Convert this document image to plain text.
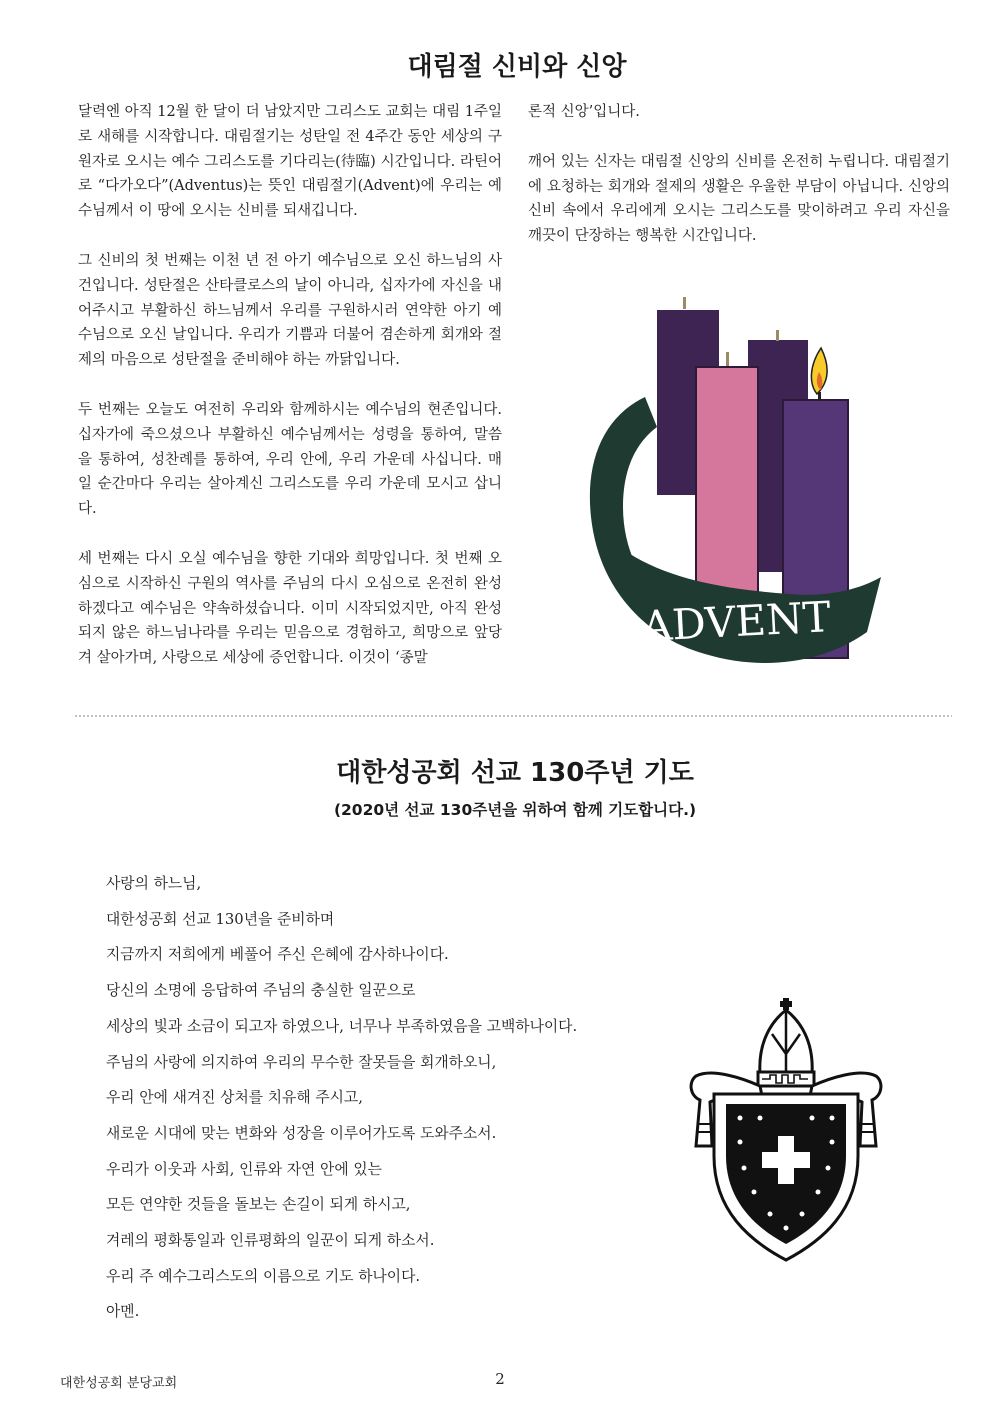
대림절 신비와 신앙

달력엔 아직 12월 한 달이 더 남았지만 그리스도 교회는 대림 1주일로 새해를 시작합니다. 대림절기는 성탄일 전 4주간 동안 세상의 구원자로 오시는 예수 그리스도를 기다리는(待臨) 시간입니다. 라틴어로 “다가오다”(Adventus)는 뜻인 대림절기(Advent)에 우리는 예수님께서 이 땅에 오시는 신비를 되새깁니다.

그 신비의 첫 번째는 이천 년 전 아기 예수님으로 오신 하느님의 사건입니다. 성탄절은 산타클로스의 날이 아니라, 십자가에 자신을 내어주시고 부활하신 하느님께서 우리를 구원하시러 연약한 아기 예수님으로 오신 날입니다. 우리가 기쁨과 더불어 겸손하게 회개와 절제의 마음으로 성탄절을 준비해야 하는 까닭입니다.

두 번째는 오늘도 여전히 우리와 함께하시는 예수님의 현존입니다. 십자가에 죽으셨으나 부활하신 예수님께서는 성령을 통하여, 말씀을 통하여, 성찬례를 통하여, 우리 안에, 우리 가운데 사십니다. 매일 순간마다 우리는 살아계신 그리스도를 우리 가운데 모시고 삽니다.

세 번째는 다시 오실 예수님을 향한 기대와 희망입니다. 첫 번째 오심으로 시작하신 구원의 역사를 주님의 다시 오심으로 온전히 완성하겠다고 예수님은 약속하셨습니다. 이미 시작되었지만, 아직 완성되지 않은 하느님나라를 우리는 믿음으로 경험하고, 희망으로 앞당겨 살아가며, 사랑으로 세상에 증언합니다. 이것이 ‘종말

론적 신앙’입니다.

깨어 있는 신자는 대림절 신앙의 신비를 온전히 누립니다. 대림절기에 요청하는 회개와 절제의 생활은 우울한 부담이 아닙니다. 신앙의 신비 속에서 우리에게 오시는 그리스도를 맞이하려고 우리 자신을 깨끗이 단장하는 행복한 시간입니다.

ADVENT
대한성공회 선교 130주년 기도

(2020년 선교 130주년을 위하여 함께 기도합니다.)

사랑의 하느님,
대한성공회 선교 130년을 준비하며
지금까지 저희에게 베풀어 주신 은혜에 감사하나이다.
당신의 소명에 응답하여 주님의 충실한 일꾼으로
세상의 빛과 소금이 되고자 하였으나, 너무나 부족하였음을 고백하나이다.
주님의 사랑에 의지하여 우리의 무수한 잘못들을 회개하오니,
우리 안에 새겨진 상처를 치유해 주시고,
새로운 시대에 맞는 변화와 성장을 이루어가도록 도와주소서.
우리가 이웃과 사회, 인류와 자연 안에 있는
모든 연약한 것들을 돌보는 손길이 되게 하시고,
겨레의 평화통일과 인류평화의 일꾼이 되게 하소서.
우리 주 예수그리스도의 이름으로 기도 하나이다.
아멘.
대한성공회 분당교회	2
